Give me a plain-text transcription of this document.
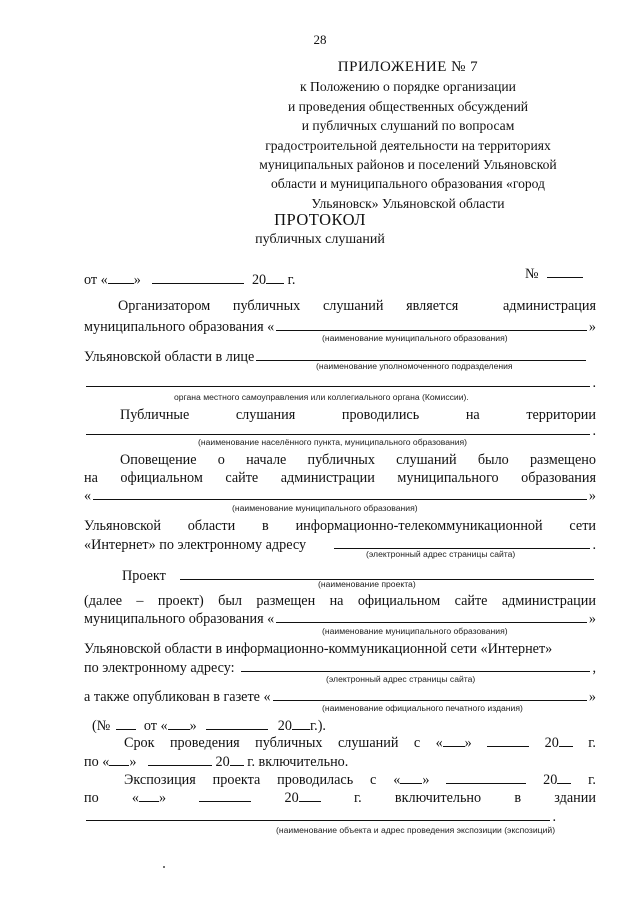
28
ПРИЛОЖЕНИЕ № 7
к Положению о порядке организации
и проведения общественных обсуждений
и публичных слушаний по вопросам
градостроительной деятельности на территориях
муниципальных районов и поселений Ульяновской
области и муниципального образования «город
Ульяновск» Ульяновской области
ПРОТОКОЛ
публичных слушаний
от « »	20 г.	№
Организатором публичных слушаний является	администрация
муниципального образования «	»
(наименование муниципального образования)
Ульяновской области в лице
(наименование уполномоченного подразделения
.
органа местного самоуправления или коллегиального органа (Комиссии).
Публичные	слушания	проводились	на	территории
.
(наименование населённого пункта, муниципального образования)
Оповещение о начале публичных слушаний было размещено
на официальном сайте администрации муниципального образования
«	»
(наименование муниципального образования)
Ульяновской области в информационно-телекоммуникационной сети
«Интернет» по электронному адресу	.
(электронный адрес страницы сайта)
Проект	(наименование проекта)
(далее – проект) был размещен на официальном сайте администрации
муниципального образования «	»
(наименование муниципального образования)
Ульяновской области в информационно-коммуникационной сети «Интернет»
по электронному адресу:	,
(электронный адрес страницы сайта)
а также опубликован в газете «	»
(наименование официального печатного издания)
(№ от « »	20 г.).
Срок проведения публичных слушаний с « »	20	г.
по « »	20 г. включительно.
Экспозиция проекта проводилась с « »	20	г.
по « »	20	г. включительно в здании
.
(наименование объекта и адрес проведения экспозиции (экспозиций)
